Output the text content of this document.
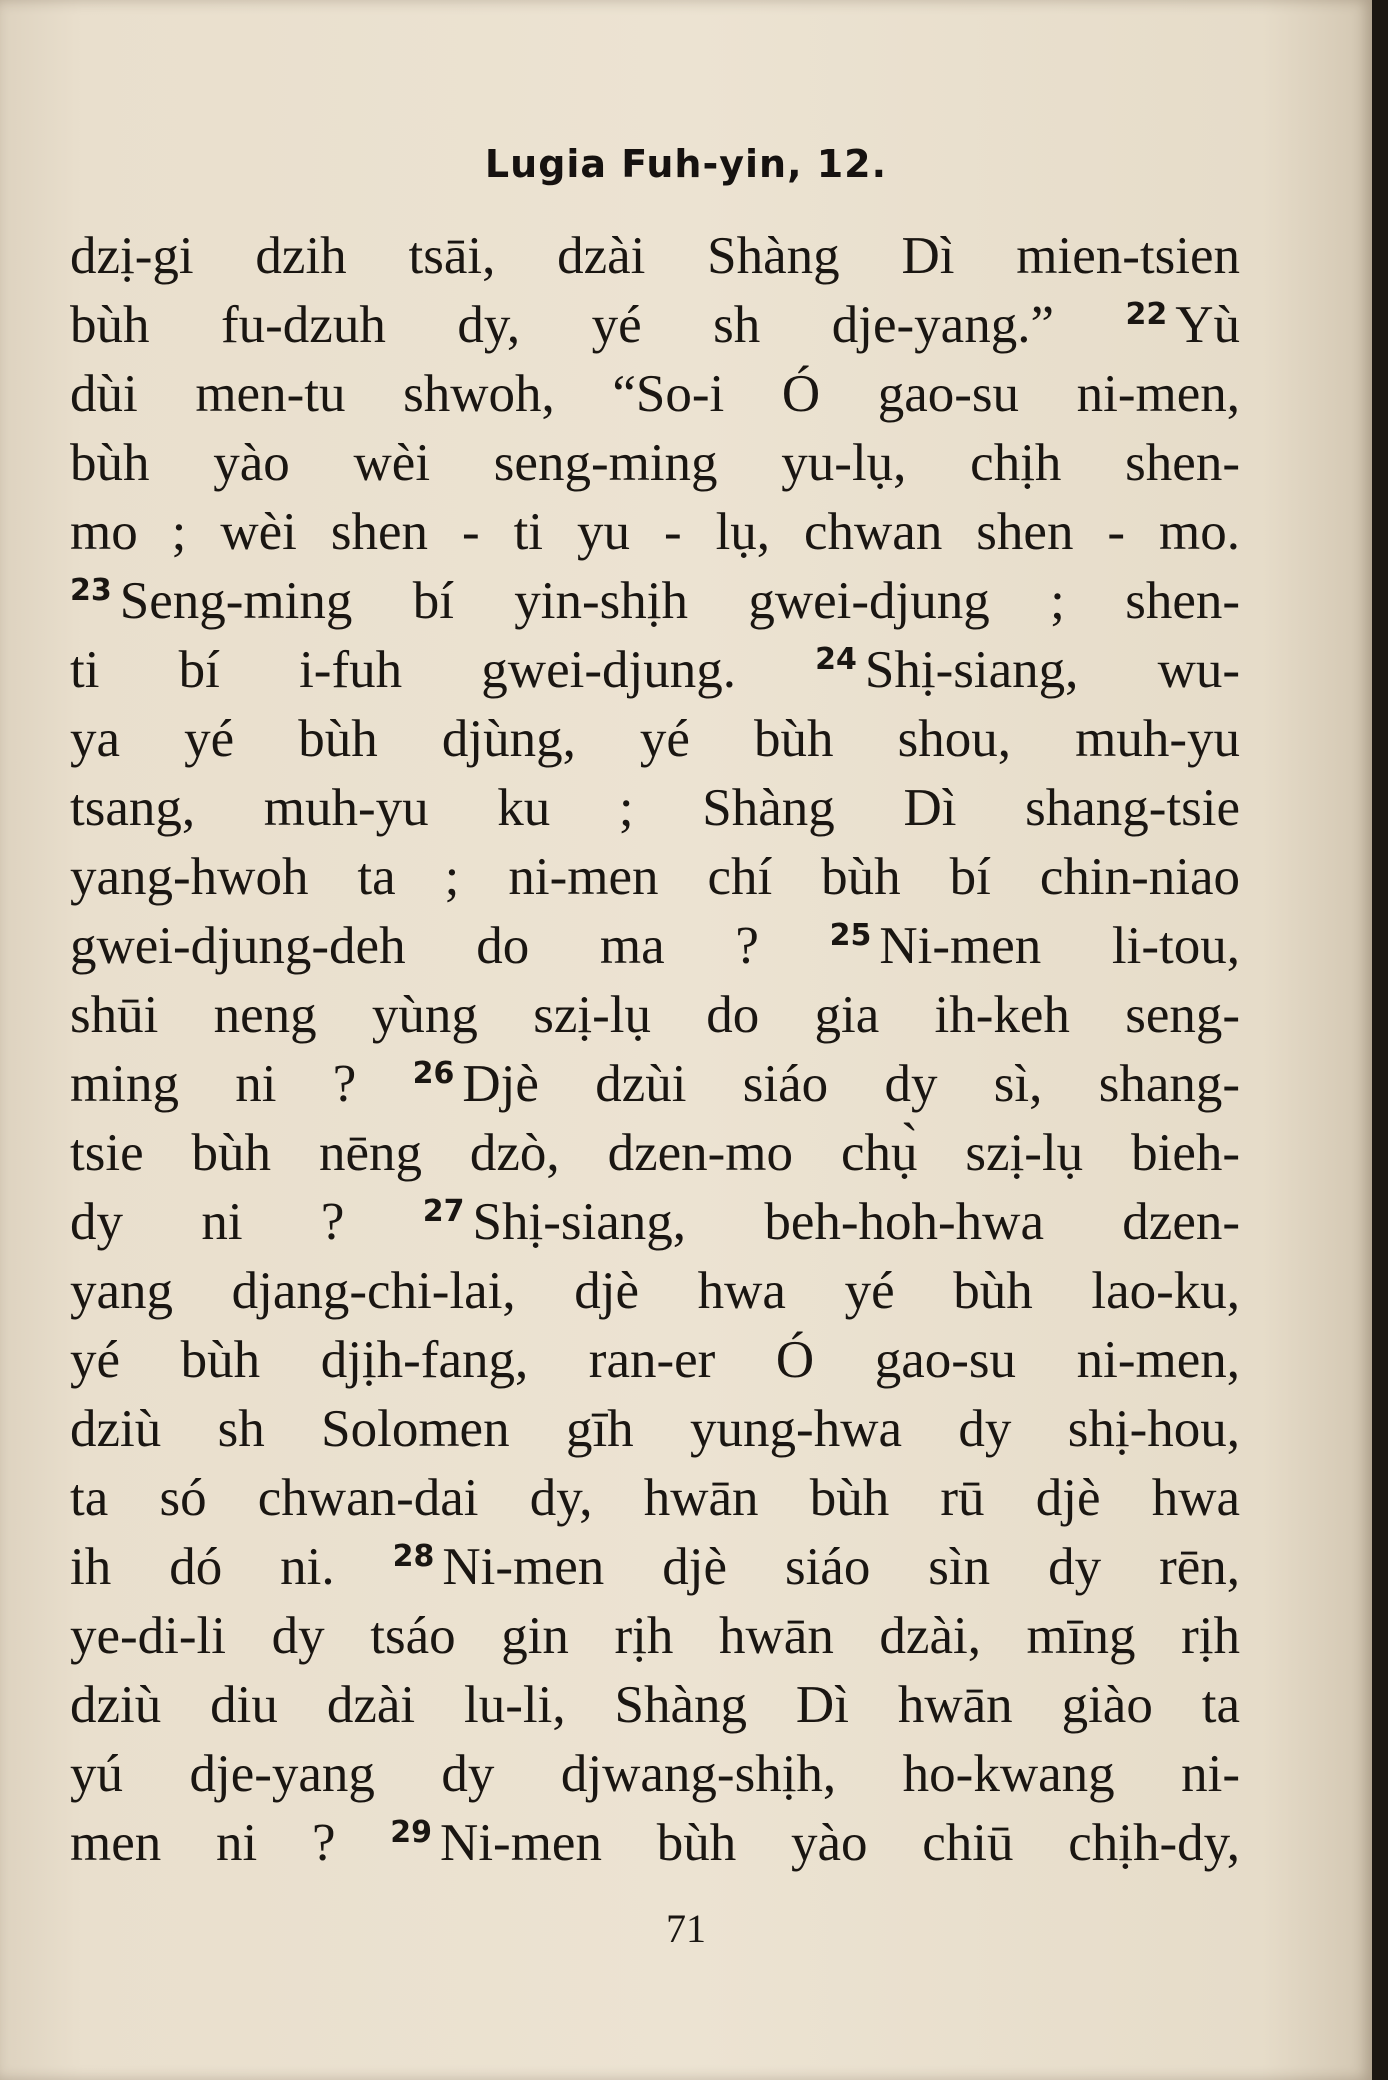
Lugia Fuh-yin, 12.
dzị-gi dzih tsāi, dzài Shàng Dì mien-tsien
bùh fu-dzuh dy, yé sh dje-yang.” $^{22}$ Yù
dùi men-tu shwoh, “So-i Ó gao-su ni-men,
bùh yào wèi seng-ming yu-lụ, chịh shen-
mo ; wèi shen - ti yu - lụ, chwan shen - mo.
$^{23}$ Seng-ming bí yin-shịh gwei-djung ; shen-
ti bí i-fuh gwei-djung. $^{24}$ Shị-siang, wu-
ya yé bùh djùng, yé bùh shou, muh-yu
tsang, muh-yu ku ; Shàng Dì shang-tsie
yang-hwoh ta ; ni-men chí bùh bí chin-niao
gwei-djung-deh do ma ? $^{25}$ Ni-men li-tou,
shūi neng yùng szị-lụ do gia ih-keh seng-
ming ni ? $^{26}$ Djè dzùi siáo dy sì, shang-
tsie bùh nēng dzò, dzen-mo chụ̀ szị-lụ bieh-
dy ni ? $^{27}$ Shị-siang, beh-hoh-hwa dzen-
yang djang-chi-lai, djè hwa yé bùh lao-ku,
yé bùh djịh-fang, ran-er Ó gao-su ni-men,
dziù sh Solomen gīh yung-hwa dy shị-hou,
ta só chwan-dai dy, hwān bùh rū djè hwa
ih dó ni. $^{28}$ Ni-men djè siáo sìn dy rēn,
ye-di-li dy tsáo gin rịh hwān dzài, mīng rịh
dziù diu dzài lu-li, Shàng Dì hwān giào ta
yú dje-yang dy djwang-shịh, ho-kwang ni-
men ni ? $^{29}$ Ni-men bùh yào chiū chịh-dy,
71
